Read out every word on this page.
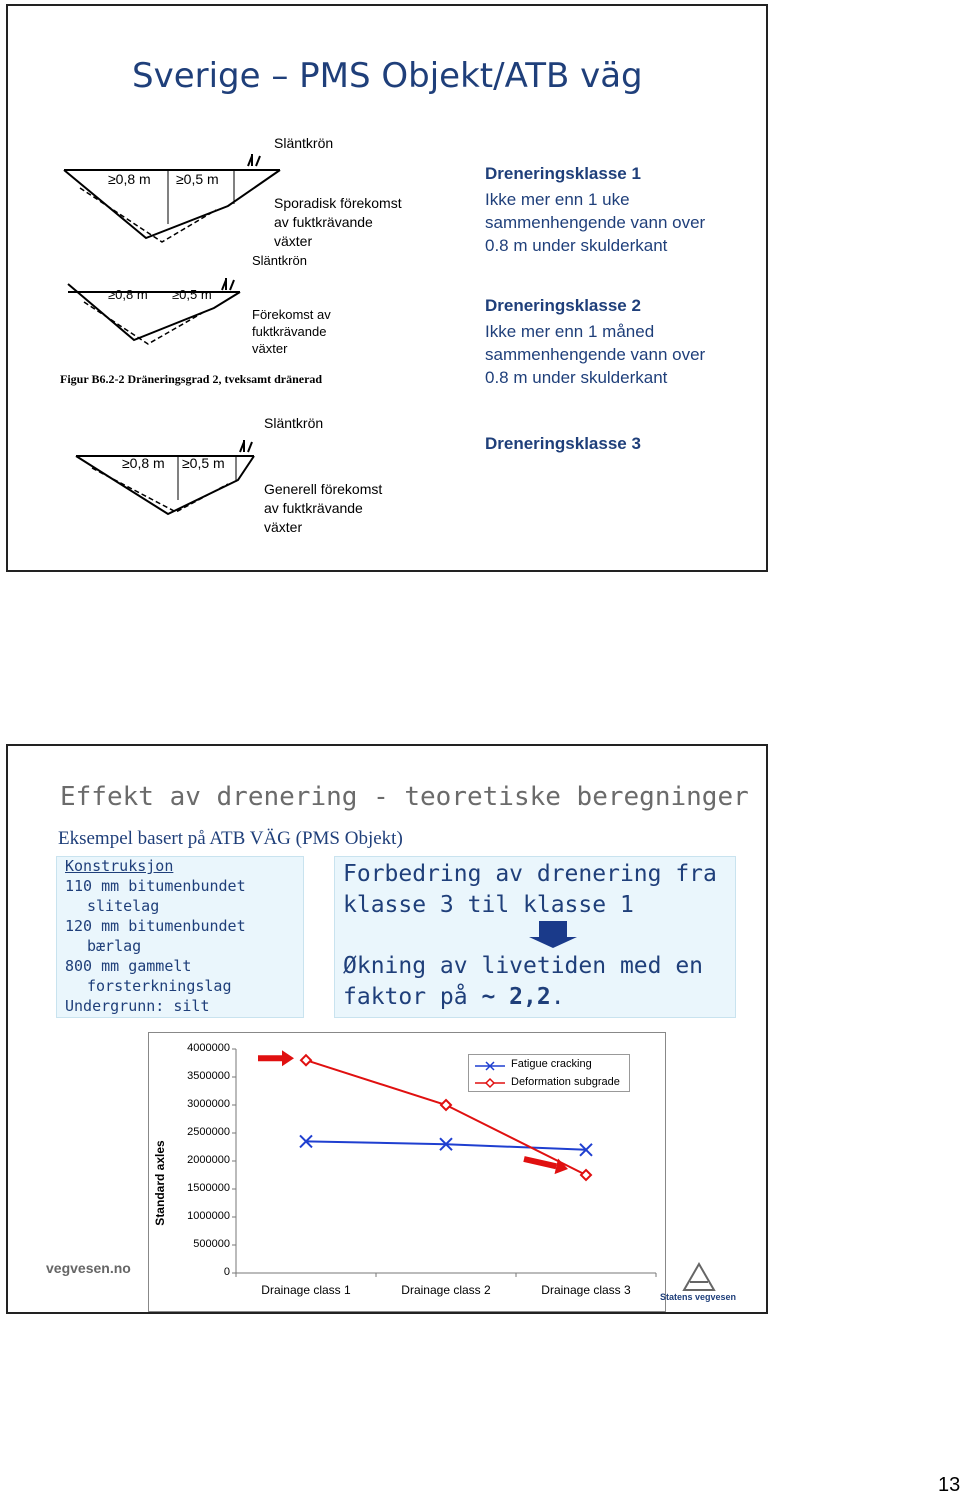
Sverige – PMS Objekt/ATB väg
Släntkrön
≥0,8 m ≥0,5 m
Sporadisk förekomst
av fuktkrävande
växter
Släntkrön
≥0,8 m ≥0,5 m
Förekomst av
fuktkrävande
växter
Figur B6.2-2 Dräneringsgrad 2, tveksamt dränerad
Släntkrön
≥0,8 m ≥0,5 m
Generell förekomst
av fuktkrävande
växter
Dreneringsklasse 1
Ikke mer enn 1 uke
sammenhengende vann over
0.8 m under skulderkant
Dreneringsklasse 2
Ikke mer enn 1 måned
sammenhengende vann over
0.8 m under skulderkant
Dreneringsklasse 3
Effekt av drenering - teoretiske beregninger
Eksempel basert på ATB VÄG (PMS Objekt)
Konstruksjon
110 mm bitumenbundet
slitelag
120 mm bitumenbundet
bærlag
800 mm gammelt
forsterkningslag
Undergrunn: silt
Forbedring av drenering fra
klasse 3 til klasse 1
Økning av livetiden med en
faktor på ~ 2,2.
Standard axles
4000000
3500000
3000000
2500000
2000000
1500000
1000000
500000
0
Drainage class 1	Drainage class 2	Drainage class 3
Fatigue cracking
Deformation subgrade
vegvesen.no
Statens vegvesen
13
